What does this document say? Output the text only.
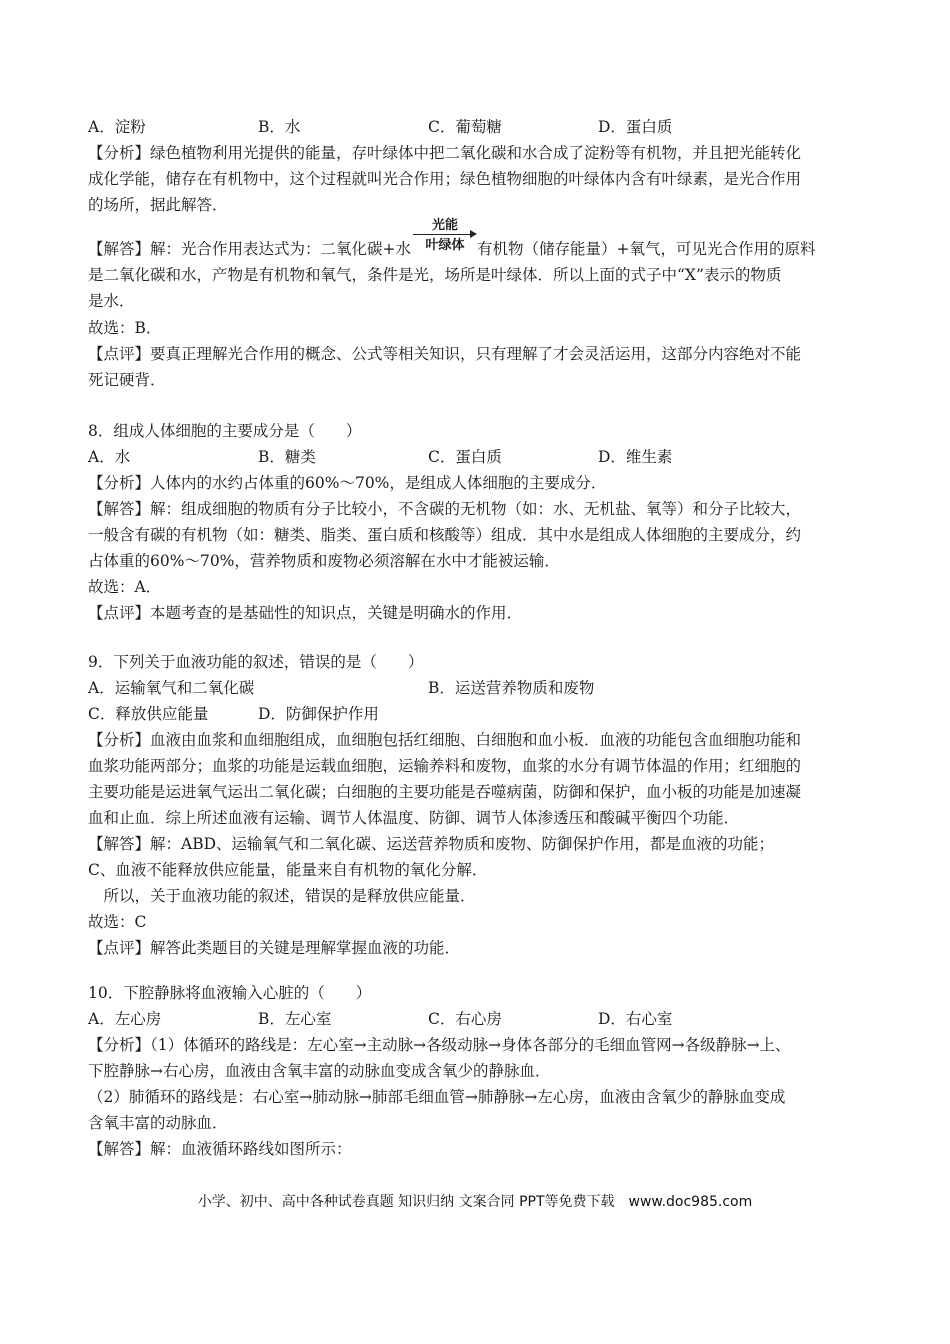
A．淀粉	B．水	C．葡萄糖	D．蛋白质
【分析】绿色植物利用光提供的能量，存叶绿体中把二氧化碳和水合成了淀粉等有机物，并且把光能转化
成化学能，储存在有机物中，这个过程就叫光合作用；绿色植物细胞的叶绿体内含有叶绿素，是光合作用
的场所，据此解答．
【解答】解：光合作用表达式为：二氧化碳+水
光能
叶绿体 有机物（储存能量）+氧气，可见光合作用的原料
是二氧化碳和水，产物是有机物和氧气，条件是光，场所是叶绿体．所以上面的式子中“X”表示的物质
是水．
故选：B．
【点评】要真正理解光合作用的概念、公式等相关知识，只有理解了才会灵活运用，这部分内容绝对不能
死记硬背．
8．组成人体细胞的主要成分是（　　）
A．水	B．糖类	C．蛋白质	D．维生素
【分析】人体内的水约占体重的60%～70%，是组成人体细胞的主要成分．
【解答】解：组成细胞的物质有分子比较小，不含碳的无机物（如：水、无机盐、氧等）和分子比较大，
一般含有碳的有机物（如：糖类、脂类、蛋白质和核酸等）组成．其中水是组成人体细胞的主要成分，约
占体重的60%～70%，营养物质和废物必须溶解在水中才能被运输．
故选：A．
【点评】本题考查的是基础性的知识点，关键是明确水的作用．
9．下列关于血液功能的叙述，错误的是（　　）
A．运输氧气和二氧化碳	B．运送营养物质和废物
C．释放供应能量	D．防御保护作用
【分析】血液由血浆和血细胞组成，血细胞包括红细胞、白细胞和血小板．血液的功能包含血细胞功能和
血浆功能两部分；血浆的功能是运载血细胞，运输养料和废物，血浆的水分有调节体温的作用；红细胞的
主要功能是运进氧气运出二氧化碳；白细胞的主要功能是吞噬病菌，防御和保护，血小板的功能是加速凝
血和止血．综上所述血液有运输、调节人体温度、防御、调节人体渗透压和酸碱平衡四个功能．
【解答】解：ABD、运输氧气和二氧化碳、运送营养物质和废物、防御保护作用，都是血液的功能；
C、血液不能释放供应能量，能量来自有机物的氧化分解．
　所以，关于血液功能的叙述，错误的是释放供应能量．
故选：C
【点评】解答此类题目的关键是理解掌握血液的功能．
10．下腔静脉将血液输入心脏的（　　）
A．左心房	B．左心室	C．右心房	D．右心室
【分析】（1）体循环的路线是：左心室→主动脉→各级动脉→身体各部分的毛细血管网→各级静脉→上、
下腔静脉→右心房，血液由含氧丰富的动脉血变成含氧少的静脉血．
（2）肺循环的路线是：右心室→肺动脉→肺部毛细血管→肺静脉→左心房，血液由含氧少的静脉血变成
含氧丰富的动脉血．
【解答】解：血液循环路线如图所示：
小学、初中、高中各种试卷真题 知识归纳 文案合同 PPT等免费下载　www.doc985.com
